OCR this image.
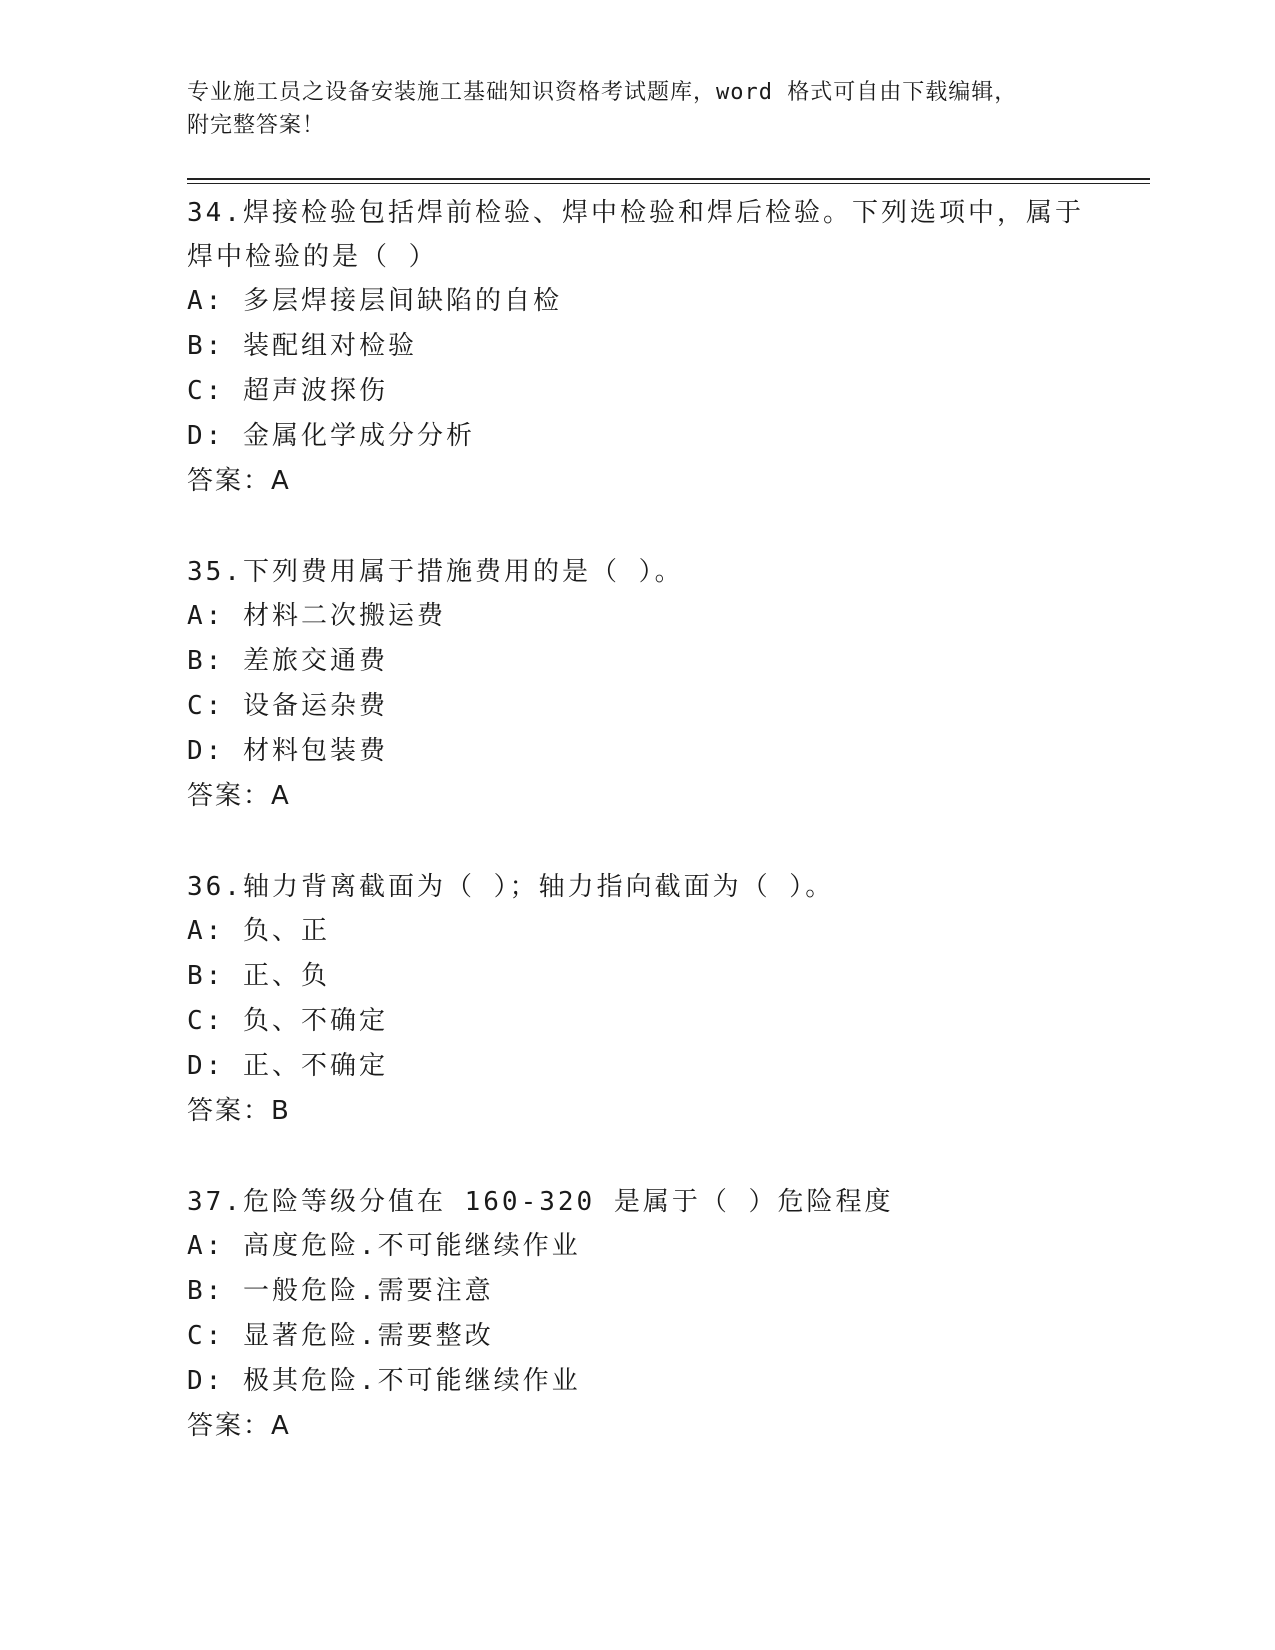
专业施工员之设备安装施工基础知识资格考试题库，word 格式可自由下载编辑，
附完整答案！
34.焊接检验包括焊前检验、焊中检验和焊后检验。下列选项中，属于
焊中检验的是（ ）
A: 多层焊接层间缺陷的自检
B: 装配组对检验
C: 超声波探伤
D: 金属化学成分分析
答案：A
35.下列费用属于措施费用的是（ ）。
A: 材料二次搬运费
B: 差旅交通费
C: 设备运杂费
D: 材料包装费
答案：A
36.轴力背离截面为（ ）；轴力指向截面为（ ）。
A: 负、正
B: 正、负
C: 负、不确定
D: 正、不确定
答案：B
37.危险等级分值在 160-320 是属于（ ）危险程度
A: 高度危险.不可能继续作业
B: 一般危险.需要注意
C: 显著危险.需要整改
D: 极其危险.不可能继续作业
答案：A
